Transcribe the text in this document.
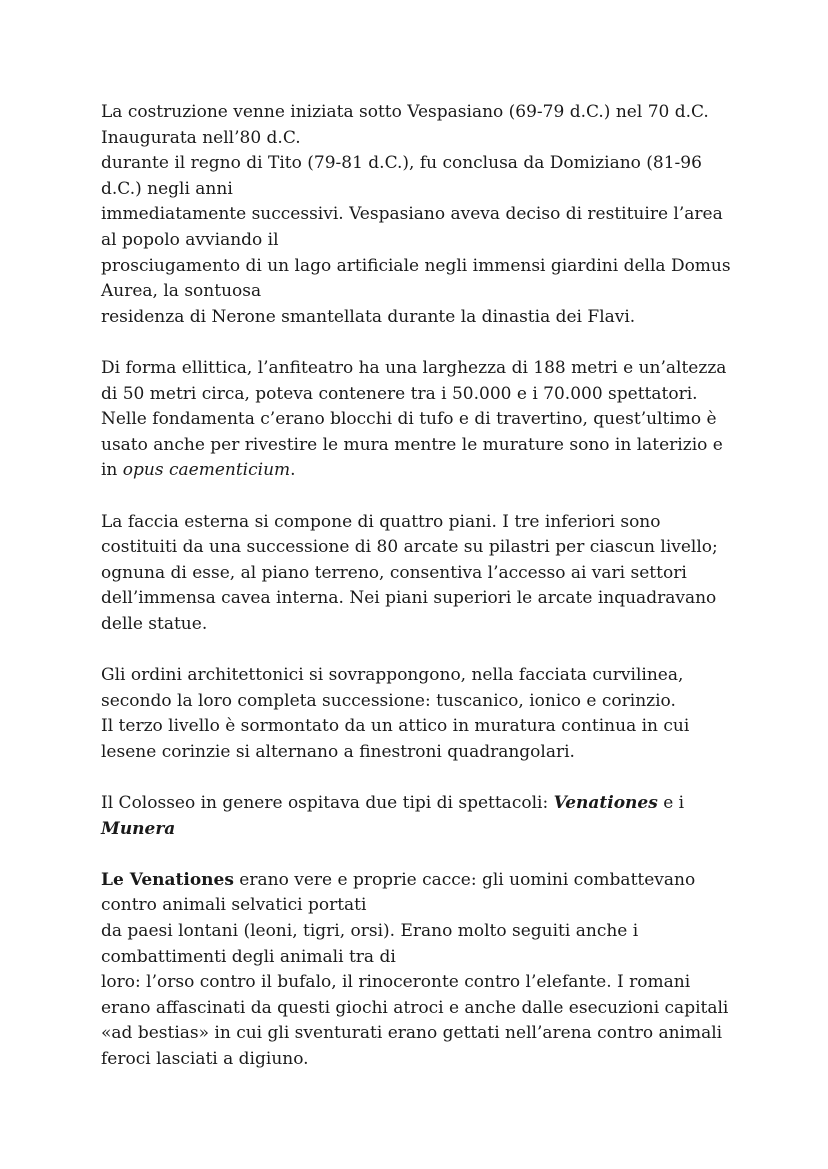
La costruzione venne iniziata sotto Vespasiano (69-79 d.C.) nel 70 d.C.
Inaugurata nell’80 d.C.
durante il regno di Tito (79-81 d.C.), fu conclusa da Domiziano (81-96
d.C.) negli anni
immediatamente successivi. Vespasiano aveva deciso di restituire l’area
al popolo avviando il
prosciugamento di un lago artificiale negli immensi giardini della Domus
Aurea, la sontuosa
residenza di Nerone smantellata durante la dinastia dei Flavi.

Di forma ellittica, l’anfiteatro ha una larghezza di 188 metri e un’altezza
di 50 metri circa, poteva contenere tra i 50.000 e i 70.000 spettatori.
Nelle fondamenta c’erano blocchi di tufo e di travertino, quest’ultimo è
usato anche per rivestire le mura mentre le murature sono in laterizio e
in opus caementicium.

La faccia esterna si compone di quattro piani. I tre inferiori sono
costituiti da una successione di 80 arcate su pilastri per ciascun livello;
ognuna di esse, al piano terreno, consentiva l’accesso ai vari settori
dell’immensa cavea interna. Nei piani superiori le arcate inquadravano
delle statue.

Gli ordini architettonici si sovrappongono, nella facciata curvilinea,
secondo la loro completa successione: tuscanico, ionico e corinzio.
Il terzo livello è sormontato da un attico in muratura continua in cui
lesene corinzie si alternano a finestroni quadrangolari.

Il Colosseo in genere ospitava due tipi di spettacoli: Venationes e i
Munera

Le Venationes erano vere e proprie cacce: gli uomini combattevano
contro animali selvatici portati
da paesi lontani (leoni, tigri, orsi). Erano molto seguiti anche i
combattimenti degli animali tra di
loro: l’orso contro il bufalo, il rinoceronte contro l’elefante. I romani
erano affascinati da questi giochi atroci e anche dalle esecuzioni capitali
«ad bestias» in cui gli sventurati erano gettati nell’arena contro animali
feroci lasciati a digiuno.
